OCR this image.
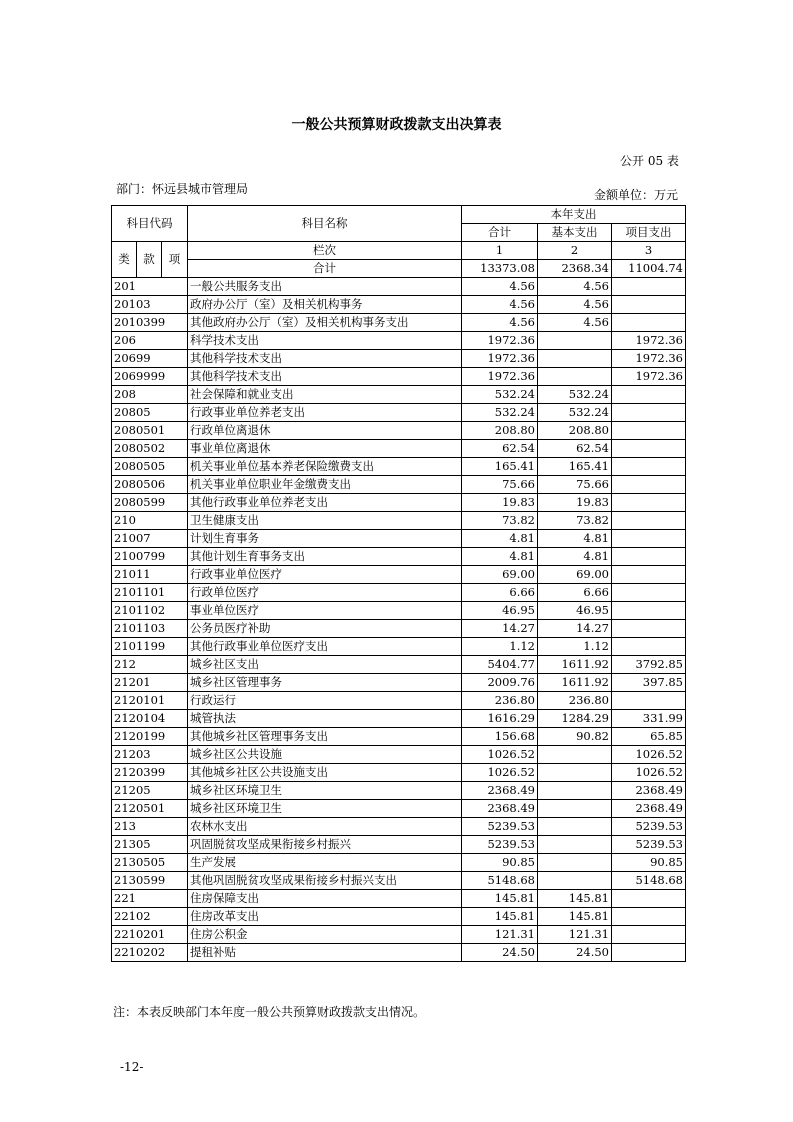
一般公共预算财政拨款支出决算表
公开 05 表
部门：怀远县城市管理局	金额单位：万元
科目代码			科目名称	本年支出		
				合计	基本支出	项目支出
类	款	项	栏次	1	2	3
			合计	13373.08	2368.34	11004.74
201			一般公共服务支出	4.56	4.56	
20103			政府办公厅（室）及相关机构事务	4.56	4.56	
2010399			其他政府办公厅（室）及相关机构事务支出	4.56	4.56	
206			科学技术支出	1972.36		1972.36
20699			其他科学技术支出	1972.36		1972.36
2069999			其他科学技术支出	1972.36		1972.36
208			社会保障和就业支出	532.24	532.24	
20805			行政事业单位养老支出	532.24	532.24	
2080501			行政单位离退休	208.80	208.80	
2080502			事业单位离退休	62.54	62.54	
2080505			机关事业单位基本养老保险缴费支出	165.41	165.41	
2080506			机关事业单位职业年金缴费支出	75.66	75.66	
2080599			其他行政事业单位养老支出	19.83	19.83	
210			卫生健康支出	73.82	73.82	
21007			计划生育事务	4.81	4.81	
2100799			其他计划生育事务支出	4.81	4.81	
21011			行政事业单位医疗	69.00	69.00	
2101101			行政单位医疗	6.66	6.66	
2101102			事业单位医疗	46.95	46.95	
2101103			公务员医疗补助	14.27	14.27	
2101199			其他行政事业单位医疗支出	1.12	1.12	
212			城乡社区支出	5404.77	1611.92	3792.85
21201			城乡社区管理事务	2009.76	1611.92	397.85
2120101			行政运行	236.80	236.80	
2120104			城管执法	1616.29	1284.29	331.99
2120199			其他城乡社区管理事务支出	156.68	90.82	65.85
21203			城乡社区公共设施	1026.52		1026.52
2120399			其他城乡社区公共设施支出	1026.52		1026.52
21205			城乡社区环境卫生	2368.49		2368.49
2120501			城乡社区环境卫生	2368.49		2368.49
213			农林水支出	5239.53		5239.53
21305			巩固脱贫攻坚成果衔接乡村振兴	5239.53		5239.53
2130505			生产发展	90.85		90.85
2130599			其他巩固脱贫攻坚成果衔接乡村振兴支出	5148.68		5148.68
221			住房保障支出	145.81	145.81	
22102			住房改革支出	145.81	145.81	
2210201			住房公积金	121.31	121.31	
2210202			提租补贴	24.50	24.50	
注：本表反映部门本年度一般公共预算财政拨款支出情况。
-12-
